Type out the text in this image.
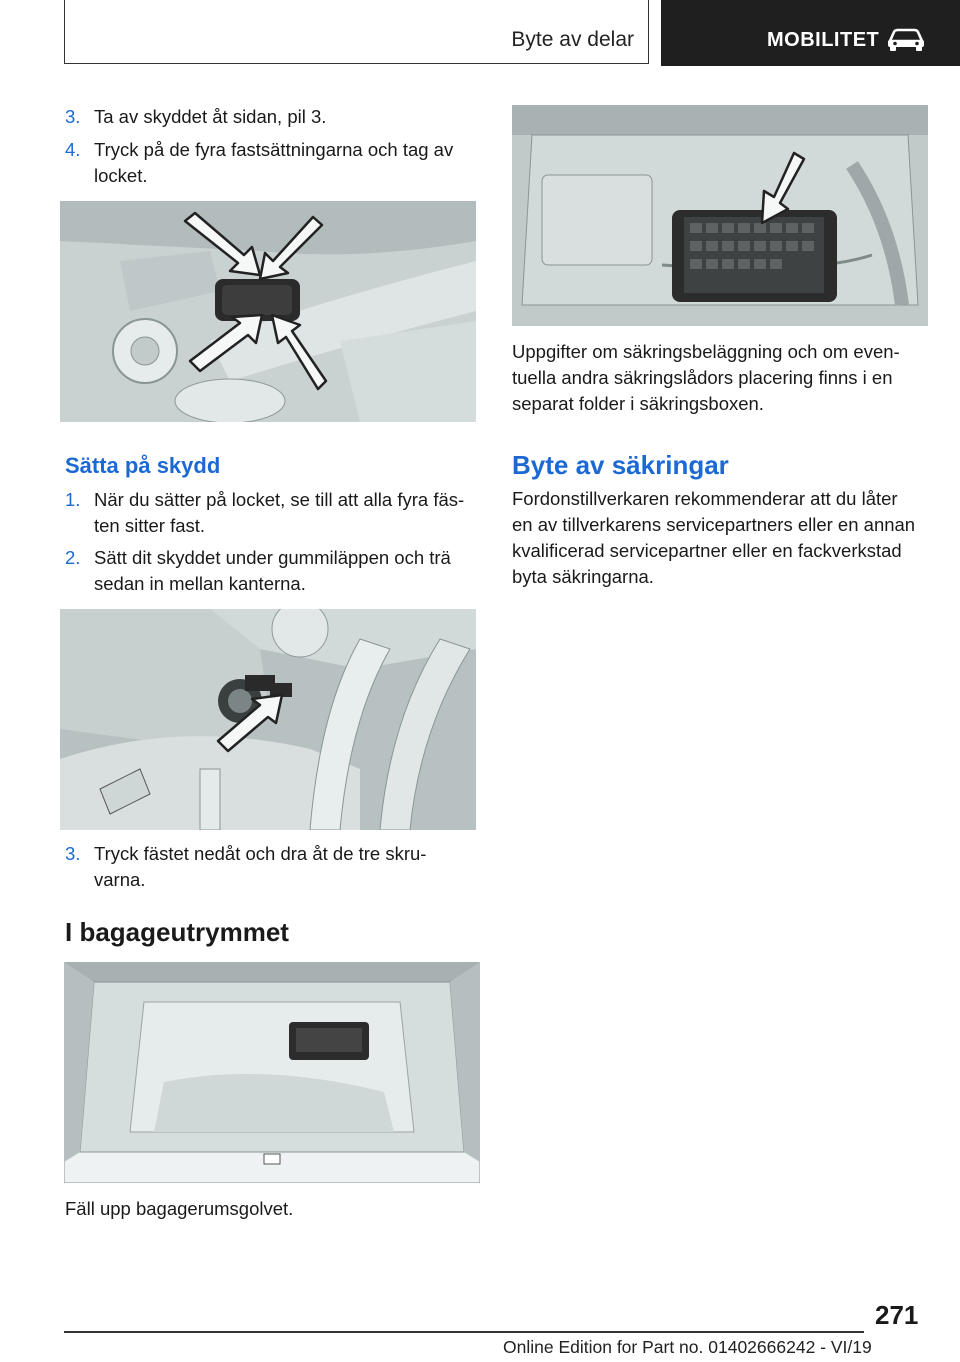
Byte av delar	MOBILITET
3. Ta av skyddet åt sidan, pil 3.
4. Tryck på de fyra fastsättningarna och tag av
locket.
Sätta på skydd
1. När du sätter på locket, se till att alla fyra fäs-
ten sitter fast.
2. Sätt dit skyddet under gummiläppen och trä
sedan in mellan kanterna.
3. Tryck fästet nedåt och dra åt de tre skru-
varna.
I bagageutrymmet
Fäll upp bagagerumsgolvet.
Uppgifter om säkringsbeläggning och om even-
tuella andra säkringslådors placering finns i en
separat folder i säkringsboxen.
Byte av säkringar
Fordonstillverkaren rekommenderar att du låter
en av tillverkarens servicepartners eller en annan
kvalificerad servicepartner eller en fackverkstad
byta säkringarna.
271
Online Edition for Part no. 01402666242 - VI/19
